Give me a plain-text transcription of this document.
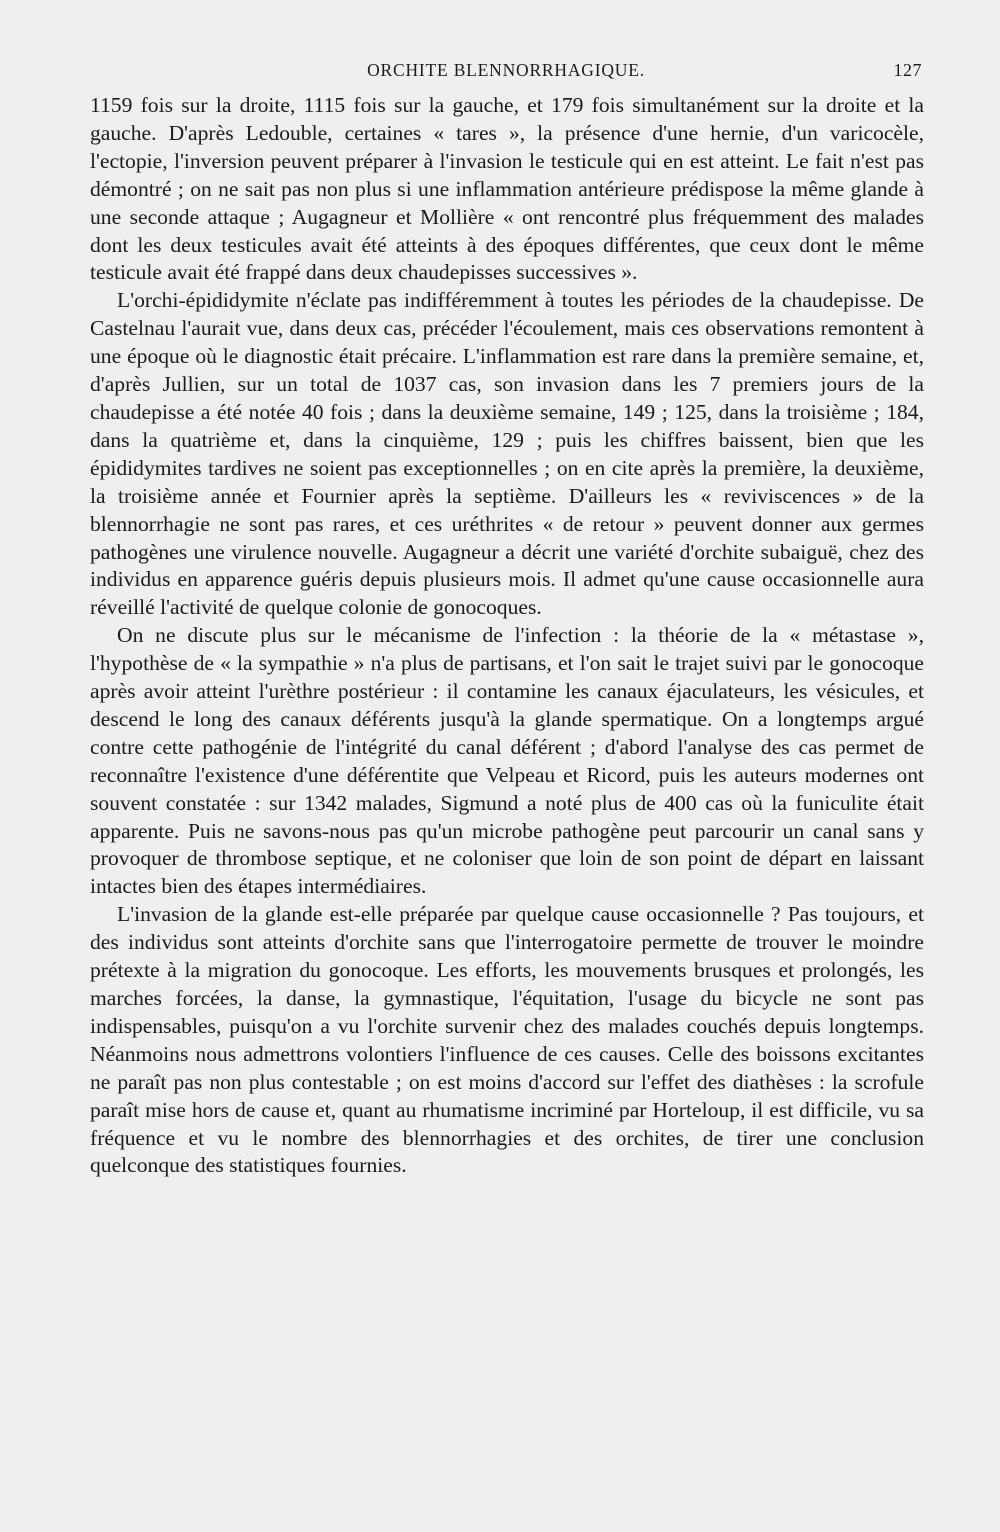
ORCHITE BLENNORRHAGIQUE.	127

1159 fois sur la droite, 1115 fois sur la gauche, et 179 fois simultanément sur la droite et la gauche. D'après Ledouble, certaines « tares », la présence d'une hernie, d'un varicocèle, l'ectopie, l'inversion peuvent préparer à l'invasion le testicule qui en est atteint. Le fait n'est pas démontré ; on ne sait pas non plus si une inflammation antérieure prédispose la même glande à une seconde attaque ; Augagneur et Mollière « ont rencontré plus fréquemment des malades dont les deux testicules avait été atteints à des époques différentes, que ceux dont le même testicule avait été frappé dans deux chaudepisses successives ».

L'orchi-épididymite n'éclate pas indifféremment à toutes les périodes de la chaudepisse. De Castelnau l'aurait vue, dans deux cas, précéder l'écoulement, mais ces observations remontent à une époque où le diagnostic était précaire. L'inflammation est rare dans la première semaine, et, d'après Jullien, sur un total de 1037 cas, son invasion dans les 7 premiers jours de la chaudepisse a été notée 40 fois ; dans la deuxième semaine, 149 ; 125, dans la troisième ; 184, dans la quatrième et, dans la cinquième, 129 ; puis les chiffres baissent, bien que les épididymites tardives ne soient pas exceptionnelles ; on en cite après la première, la deuxième, la troisième année et Fournier après la septième. D'ailleurs les « reviviscences » de la blennorrhagie ne sont pas rares, et ces uréthrites « de retour » peuvent donner aux germes pathogènes une virulence nouvelle. Augagneur a décrit une variété d'orchite subaiguë, chez des individus en apparence guéris depuis plusieurs mois. Il admet qu'une cause occasionnelle aura réveillé l'activité de quelque colonie de gonocoques.

On ne discute plus sur le mécanisme de l'infection : la théorie de la « métastase », l'hypothèse de « la sympathie » n'a plus de partisans, et l'on sait le trajet suivi par le gonocoque après avoir atteint l'urèthre postérieur : il contamine les canaux éjaculateurs, les vésicules, et descend le long des canaux déférents jusqu'à la glande spermatique. On a longtemps argué contre cette pathogénie de l'intégrité du canal déférent ; d'abord l'analyse des cas permet de reconnaître l'existence d'une déférentite que Velpeau et Ricord, puis les auteurs modernes ont souvent constatée : sur 1342 malades, Sigmund a noté plus de 400 cas où la funiculite était apparente. Puis ne savons-nous pas qu'un microbe pathogène peut parcourir un canal sans y provoquer de thrombose septique, et ne coloniser que loin de son point de départ en laissant intactes bien des étapes intermédiaires.

L'invasion de la glande est-elle préparée par quelque cause occasionnelle ? Pas toujours, et des individus sont atteints d'orchite sans que l'interrogatoire permette de trouver le moindre prétexte à la migration du gonocoque. Les efforts, les mouvements brusques et prolongés, les marches forcées, la danse, la gymnastique, l'équitation, l'usage du bicycle ne sont pas indispensables, puisqu'on a vu l'orchite survenir chez des malades couchés depuis longtemps. Néanmoins nous admettrons volontiers l'influence de ces causes. Celle des boissons excitantes ne paraît pas non plus contestable ; on est moins d'accord sur l'effet des diathèses : la scrofule paraît mise hors de cause et, quant au rhumatisme incriminé par Horteloup, il est difficile, vu sa fréquence et vu le nombre des blennorrhagies et des orchites, de tirer une conclusion quelconque des statistiques fournies.
